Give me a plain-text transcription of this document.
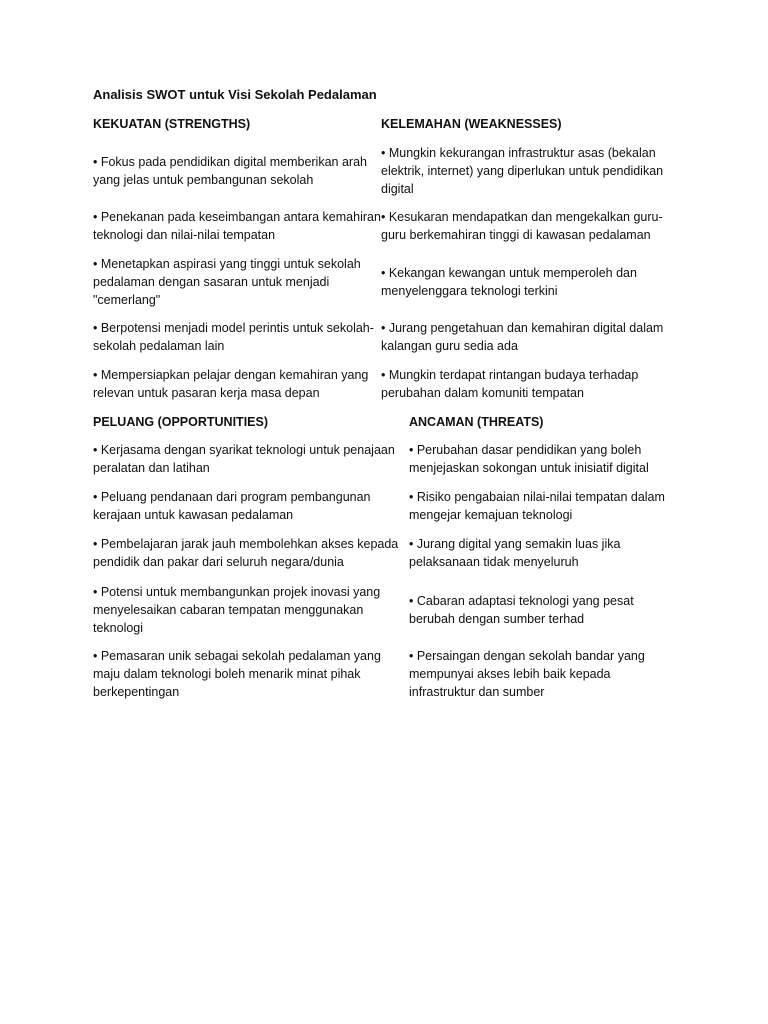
Analisis SWOT untuk Visi Sekolah Pedalaman
KEKUATAN (STRENGTHS)	KELEMAHAN (WEAKNESSES)
• Fokus pada pendidikan digital memberikan arah yang jelas untuk pembangunan sekolah
• Mungkin kekurangan infrastruktur asas (bekalan elektrik, internet) yang diperlukan untuk pendidikan digital
• Penekanan pada keseimbangan antara kemahiran teknologi dan nilai-nilai tempatan
• Kesukaran mendapatkan dan mengekalkan guru-guru berkemahiran tinggi di kawasan pedalaman
• Menetapkan aspirasi yang tinggi untuk sekolah pedalaman dengan sasaran untuk menjadi "cemerlang"
• Kekangan kewangan untuk memperoleh dan menyelenggara teknologi terkini
• Berpotensi menjadi model perintis untuk sekolah-sekolah pedalaman lain
• Jurang pengetahuan dan kemahiran digital dalam kalangan guru sedia ada
• Mempersiapkan pelajar dengan kemahiran yang relevan untuk pasaran kerja masa depan
• Mungkin terdapat rintangan budaya terhadap perubahan dalam komuniti tempatan
PELUANG (OPPORTUNITIES)	ANCAMAN (THREATS)
• Kerjasama dengan syarikat teknologi untuk penajaan peralatan dan latihan
• Perubahan dasar pendidikan yang boleh menjejaskan sokongan untuk inisiatif digital
• Peluang pendanaan dari program pembangunan kerajaan untuk kawasan pedalaman
• Risiko pengabaian nilai-nilai tempatan dalam mengejar kemajuan teknologi
• Pembelajaran jarak jauh membolehkan akses kepada pendidik dan pakar dari seluruh negara/dunia
• Jurang digital yang semakin luas jika pelaksanaan tidak menyeluruh
• Potensi untuk membangunkan projek inovasi yang menyelesaikan cabaran tempatan menggunakan teknologi
• Cabaran adaptasi teknologi yang pesat berubah dengan sumber terhad
• Pemasaran unik sebagai sekolah pedalaman yang maju dalam teknologi boleh menarik minat pihak berkepentingan
• Persaingan dengan sekolah bandar yang mempunyai akses lebih baik kepada infrastruktur dan sumber
